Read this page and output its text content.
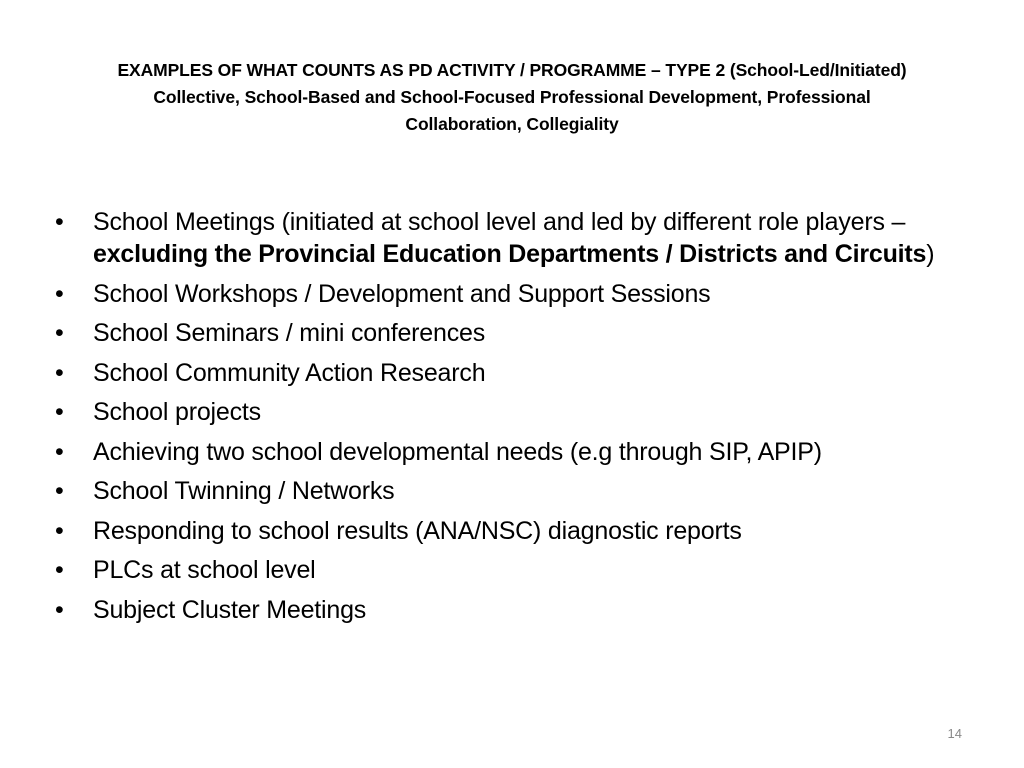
EXAMPLES OF WHAT COUNTS AS PD ACTIVITY / PROGRAMME – TYPE 2 (School-Led/Initiated)
Collective, School-Based and School-Focused Professional Development, Professional
Collaboration, Collegiality
• School Meetings (initiated at school level and led by different role players – excluding the Provincial Education Departments / Districts and Circuits)
• School Workshops / Development and Support Sessions
• School Seminars / mini conferences
• School Community Action Research
• School projects
• Achieving two school developmental needs (e.g through SIP, APIP)
• School Twinning / Networks
• Responding to school results (ANA/NSC) diagnostic reports
• PLCs at school level
• Subject Cluster Meetings
14
